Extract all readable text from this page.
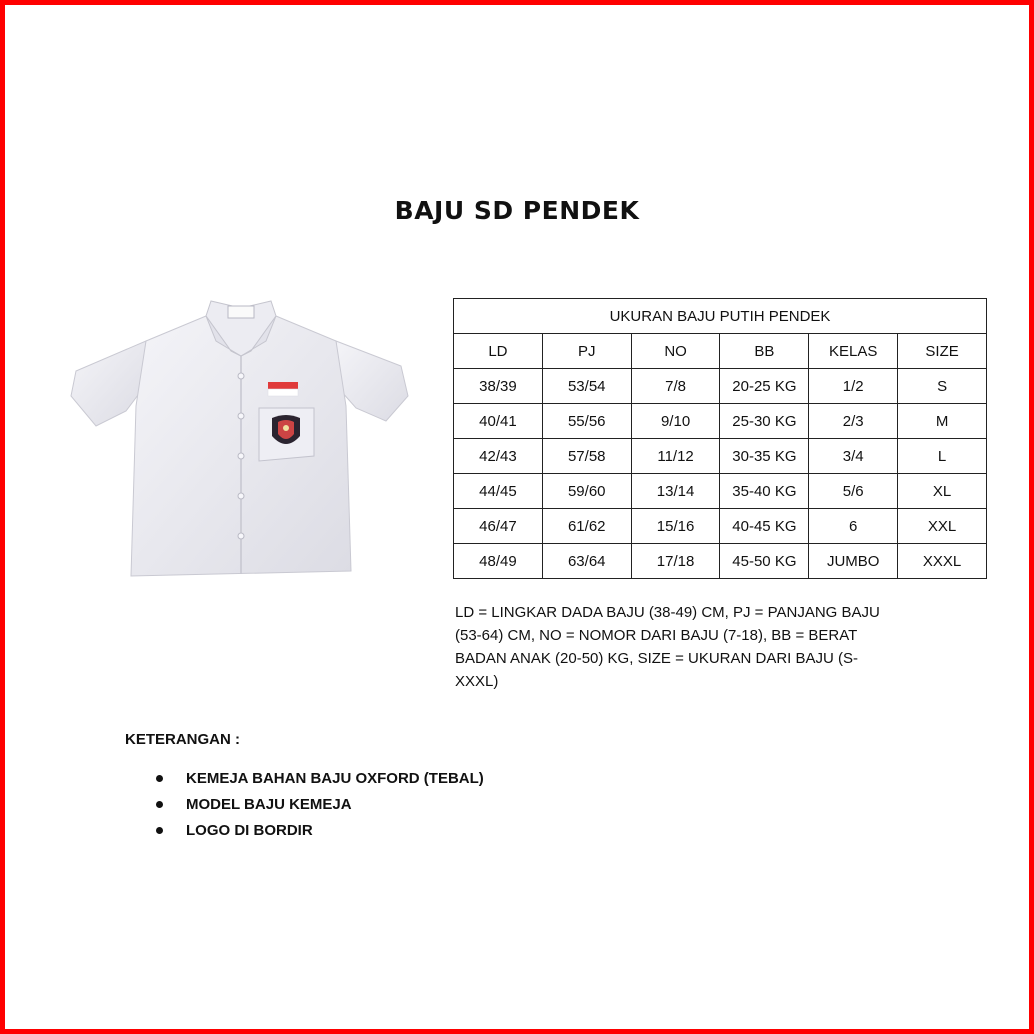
BAJU SD PENDEK
UKURAN BAJU PUTIH PENDEK					
LD	PJ	NO	BB	KELAS	SIZE
38/39	53/54	7/8	20-25 KG	1/2	S
40/41	55/56	9/10	25-30 KG	2/3	M
42/43	57/58	11/12	30-35 KG	3/4	L
44/45	59/60	13/14	35-40 KG	5/6	XL
46/47	61/62	15/16	40-45 KG	6	XXL
48/49	63/64	17/18	45-50 KG	JUMBO	XXXL
LD = LINGKAR DADA BAJU (38-49) CM, PJ = PANJANG BAJU
(53-64) CM, NO = NOMOR DARI BAJU (7-18), BB = BERAT
BADAN ANAK (20-50) KG, SIZE = UKURAN DARI BAJU (S-
XXXL)
KETERANGAN :
KEMEJA BAHAN BAJU OXFORD (TEBAL)
MODEL BAJU KEMEJA
LOGO DI BORDIR
